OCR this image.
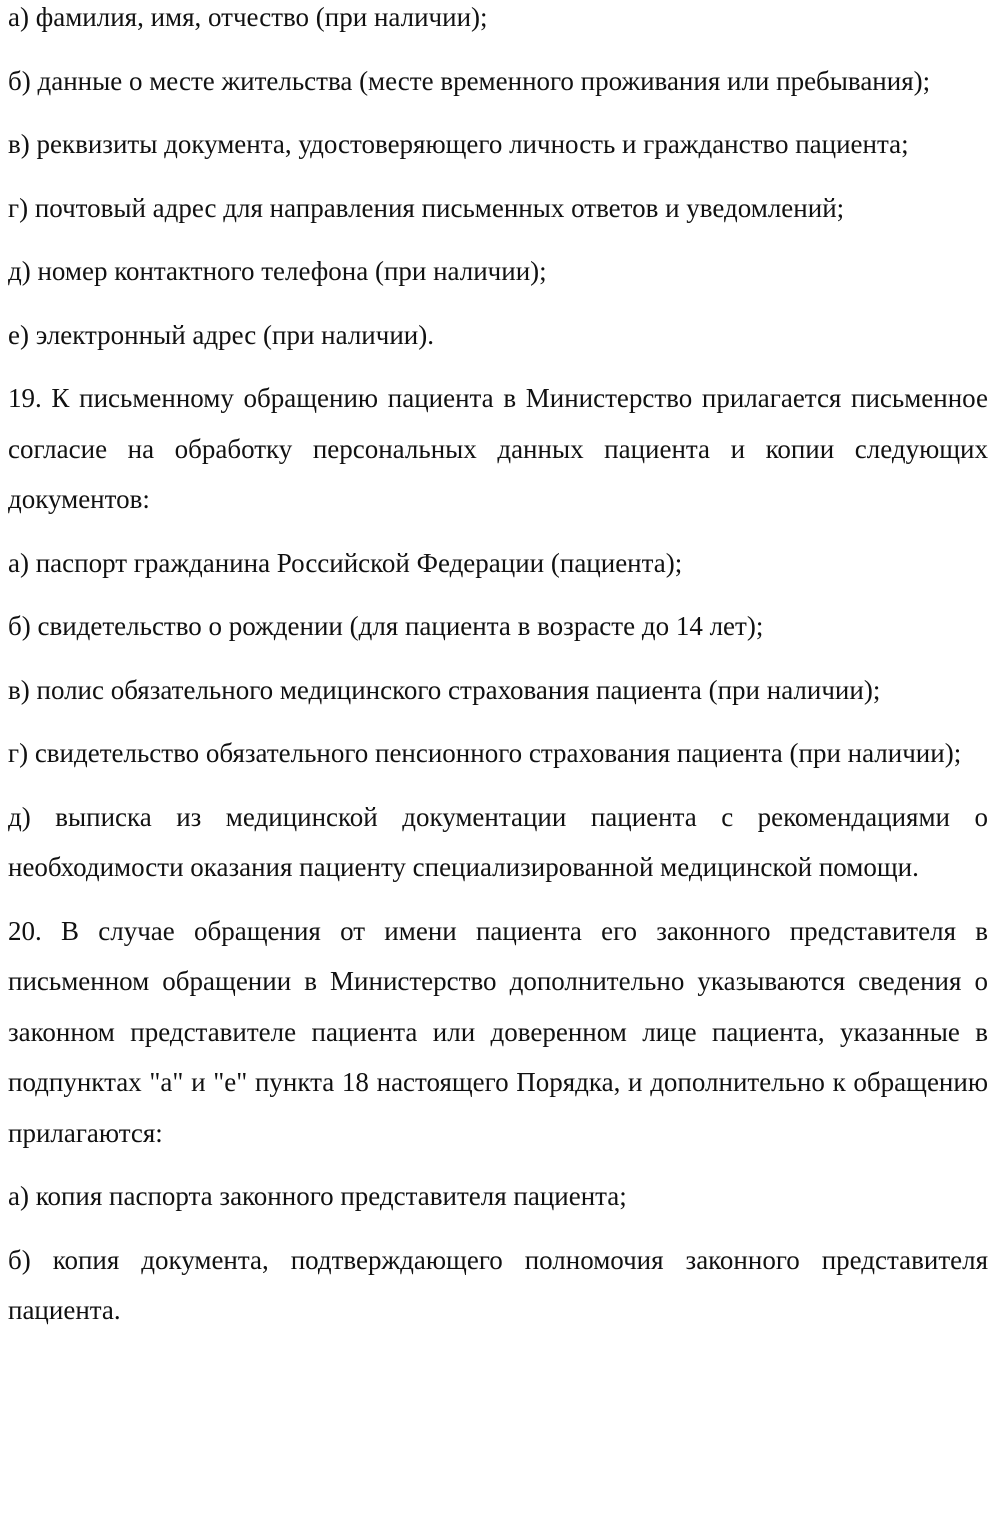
а) фамилия, имя, отчество (при наличии);

б) данные о месте жительства (месте временного проживания или пребывания);

в) реквизиты документа, удостоверяющего личность и гражданство пациента;

г) почтовый адрес для направления письменных ответов и уведомлений;

д) номер контактного телефона (при наличии);

е) электронный адрес (при наличии).

19. К письменному обращению пациента в Министерство прилагается письменное согласие на обработку персональных данных пациента и копии следующих документов:

а) паспорт гражданина Российской Федерации (пациента);

б) свидетельство о рождении (для пациента в возрасте до 14 лет);

в) полис обязательного медицинского страхования пациента (при наличии);

г) свидетельство обязательного пенсионного страхования пациента (при наличии);

д) выписка из медицинской документации пациента с рекомендациями о необходимости оказания пациенту специализированной медицинской помощи.

20. В случае обращения от имени пациента его законного представителя в письменном обращении в Министерство дополнительно указываются сведения о законном представителе пациента или доверенном лице пациента, указанные в подпунктах "а" и "е" пункта 18 настоящего Порядка, и дополнительно к обращению прилагаются:

а) копия паспорта законного представителя пациента;

б) копия документа, подтверждающего полномочия законного представителя пациента.
